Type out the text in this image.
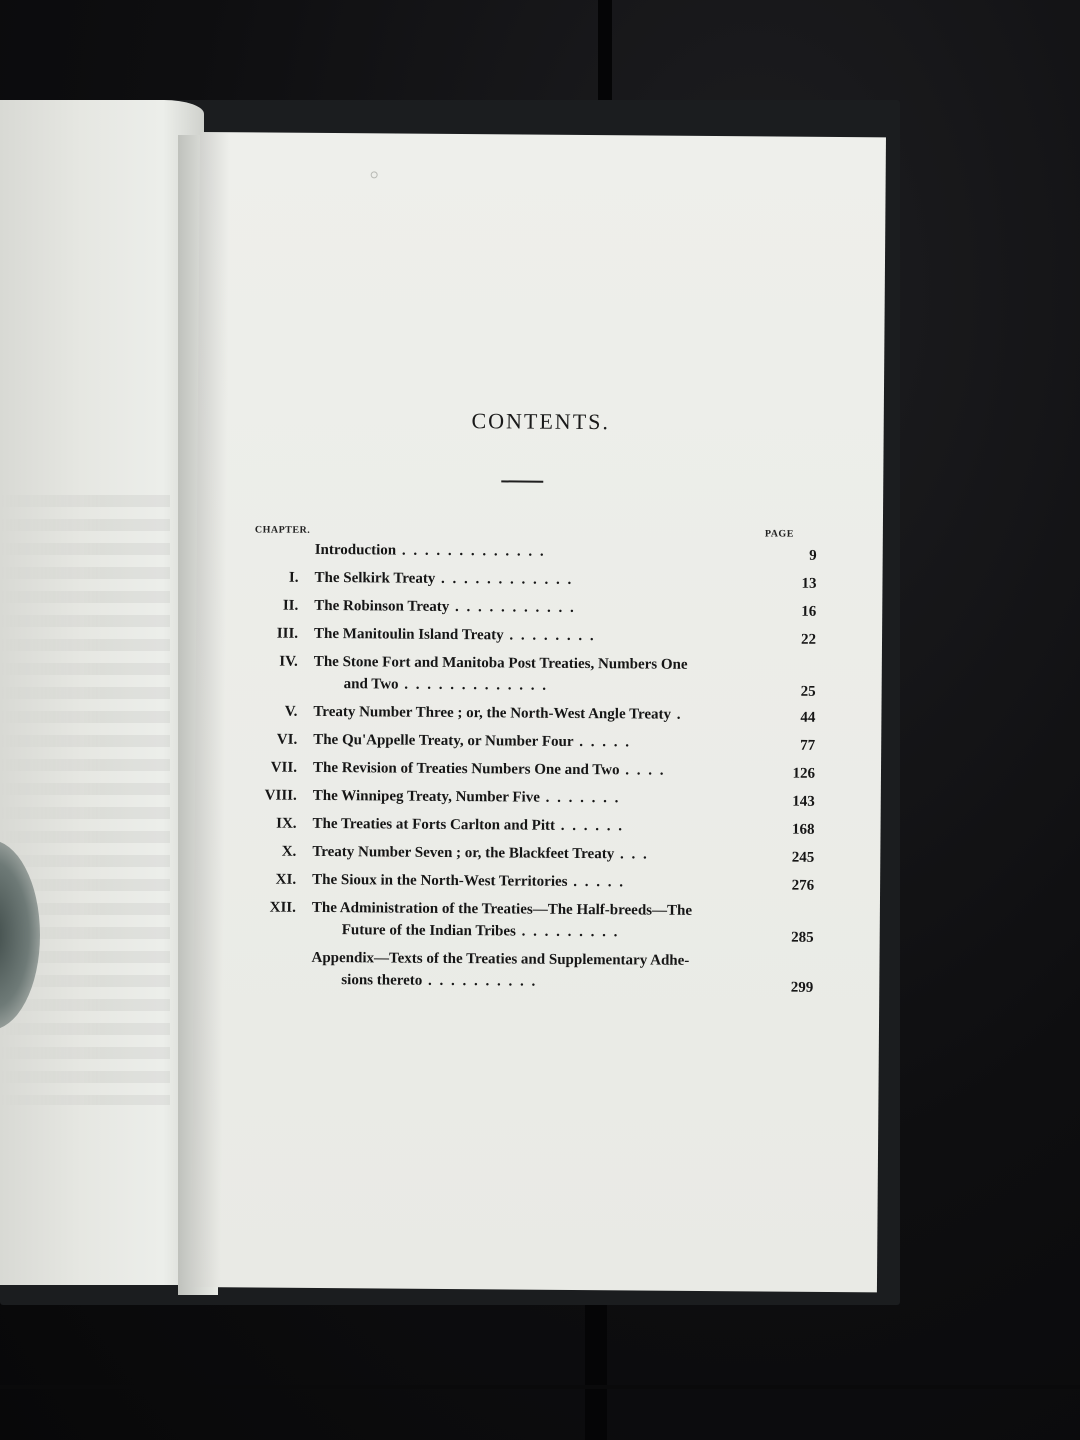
CONTENTS.
CHAPTER.	PAGE
Introduction . . . . . . . . . . . . .	9
I. The Selkirk Treaty . . . . . . . . . . . .	13
II. The Robinson Treaty . . . . . . . . . . .	16
III. The Manitoulin Island Treaty . . . . . . . .	22
IV. The Stone Fort and Manitoba Post Treaties, Numbers One
and Two . . . . . . . . . . . . .	25
V. Treaty Number Three ; or, the North-West Angle Treaty .	44
VI. The Qu'Appelle Treaty, or Number Four . . . . .	77
VII. The Revision of Treaties Numbers One and Two . . . .	126
VIII. The Winnipeg Treaty, Number Five . . . . . . .	143
IX. The Treaties at Forts Carlton and Pitt . . . . . .	168
X. Treaty Number Seven ; or, the Blackfeet Treaty . . .	245
XI. The Sioux in the North-West Territories . . . . .	276
XII. The Administration of the Treaties—The Half-breeds—The
Future of the Indian Tribes . . . . . . . . .	285
Appendix—Texts of the Treaties and Supplementary Adhe-
sions thereto . . . . . . . . . .	299
